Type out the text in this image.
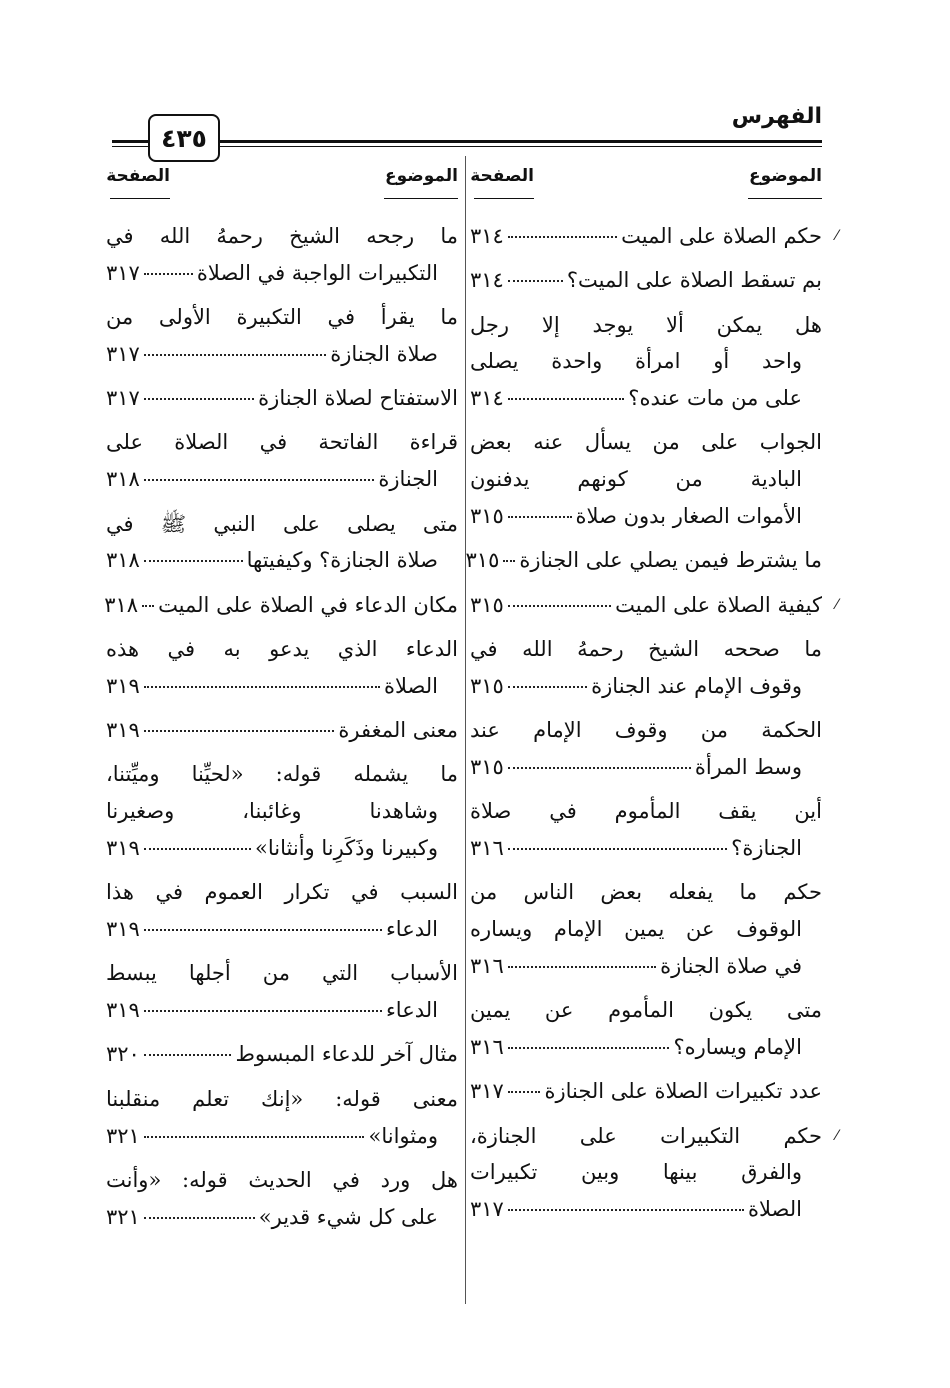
الفهرس
٤٣٥
الموضوع
الصفحة
الموضوع
الصفحة
حكم الصلاة على الميت
٣١٤	⁄
بم تسقط الصلاة على الميت؟
٣١٤
هل يمكن ألا يوجد إلا رجل
واحد أو امرأة واحدة يصلى
على من مات عنده؟
٣١٤
الجواب على من يسأل عنه بعض
البادية من كونهم يدفنون
الأموات الصغار بدون صلاة
٣١٥
ما يشترط فيمن يصلي على الجنازة
٣١٥
كيفية الصلاة على الميت
٣١٥	⁄
ما صححه الشيخ رحمهُ الله في
وقوف الإمام عند الجنازة
٣١٥
الحكمة من وقوف الإمام عند
وسط المرأة
٣١٥
أين يقف المأموم في صلاة
الجنازة؟
٣١٦
حكم ما يفعله بعض الناس من
الوقوف عن يمين الإمام ويساره
في صلاة الجنازة
٣١٦
متى يكون المأموم عن يمين
الإمام ويساره؟
٣١٦
عدد تكبيرات الصلاة على الجنازة
٣١٧
حكم التكبيرات على الجنازة، ⁄
والفرق بينها وبين تكبيرات
الصلاة
٣١٧
ما رجحه الشيخ رحمهُ الله في
التكبيرات الواجبة في الصلاة
٣١٧
ما يقرأ في التكبيرة الأولى من
صلاة الجنازة
٣١٧
الاستفتاح لصلاة الجنازة
٣١٧
قراءة الفاتحة في الصلاة على
الجنازة
٣١٨
متى يصلى على النبي ﷺ في
صلاة الجنازة؟ وكيفيتها
٣١٨
مكان الدعاء في الصلاة على الميت
٣١٨
الدعاء الذي يدعو به في هذه
الصلاة
٣١٩
معنى المغفرة
٣١٩
ما يشمله قوله: «لحيِّنا وميِّتنا،
وشاهدنا وغائبنا، وصغيرنا
وكبيرنا وذَكَرِنا وأنثانا»
٣١٩
السبب في تكرار العموم في هذا
الدعاء
٣١٩
الأسباب التي من أجلها يبسط
الدعاء
٣١٩
مثال آخر للدعاء المبسوط
٣٢٠
معنى قوله: «إنك تعلم منقلبنا
ومثوانا»
٣٢١
هل ورد في الحديث قوله: «وأنت
على كل شيء قدير»
٣٢١
